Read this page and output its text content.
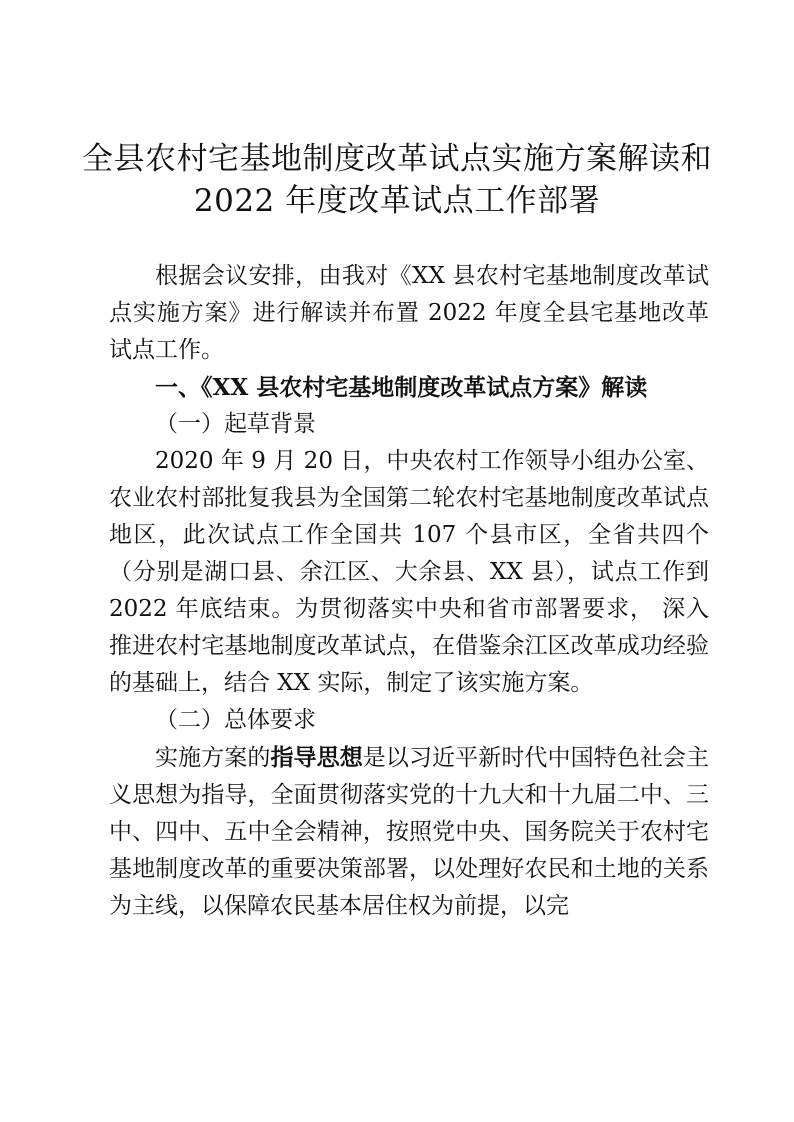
全县农村宅基地制度改革试点实施方案解读和
2022 年度改革试点工作部署

根据会议安排，由我对《XX 县农村宅基地制度改革试点实施方案》进行解读并布置 2022 年度全县宅基地改革试点工作。

一、《XX 县农村宅基地制度改革试点方案》解读

（一）起草背景

2020 年 9 月 20 日，中央农村工作领导小组办公室、农业农村部批复我县为全国第二轮农村宅基地制度改革试点地区，此次试点工作全国共 107 个县市区，全省共四个（分别是湖口县、余江区、大余县、XX 县），试点工作到 2022 年底结束。为贯彻落实中央和省市部署要求， 深入推进农村宅基地制度改革试点，在借鉴余江区改革成功经验的基础上，结合 XX 实际，制定了该实施方案。

（二）总体要求

实施方案的指导思想是以习近平新时代中国特色社会主义思想为指导，全面贯彻落实党的十九大和十九届二中、三中、四中、五中全会精神，按照党中央、国务院关于农村宅基地制度改革的重要决策部署，以处理好农民和土地的关系为主线，以保障农民基本居住权为前提，以完
